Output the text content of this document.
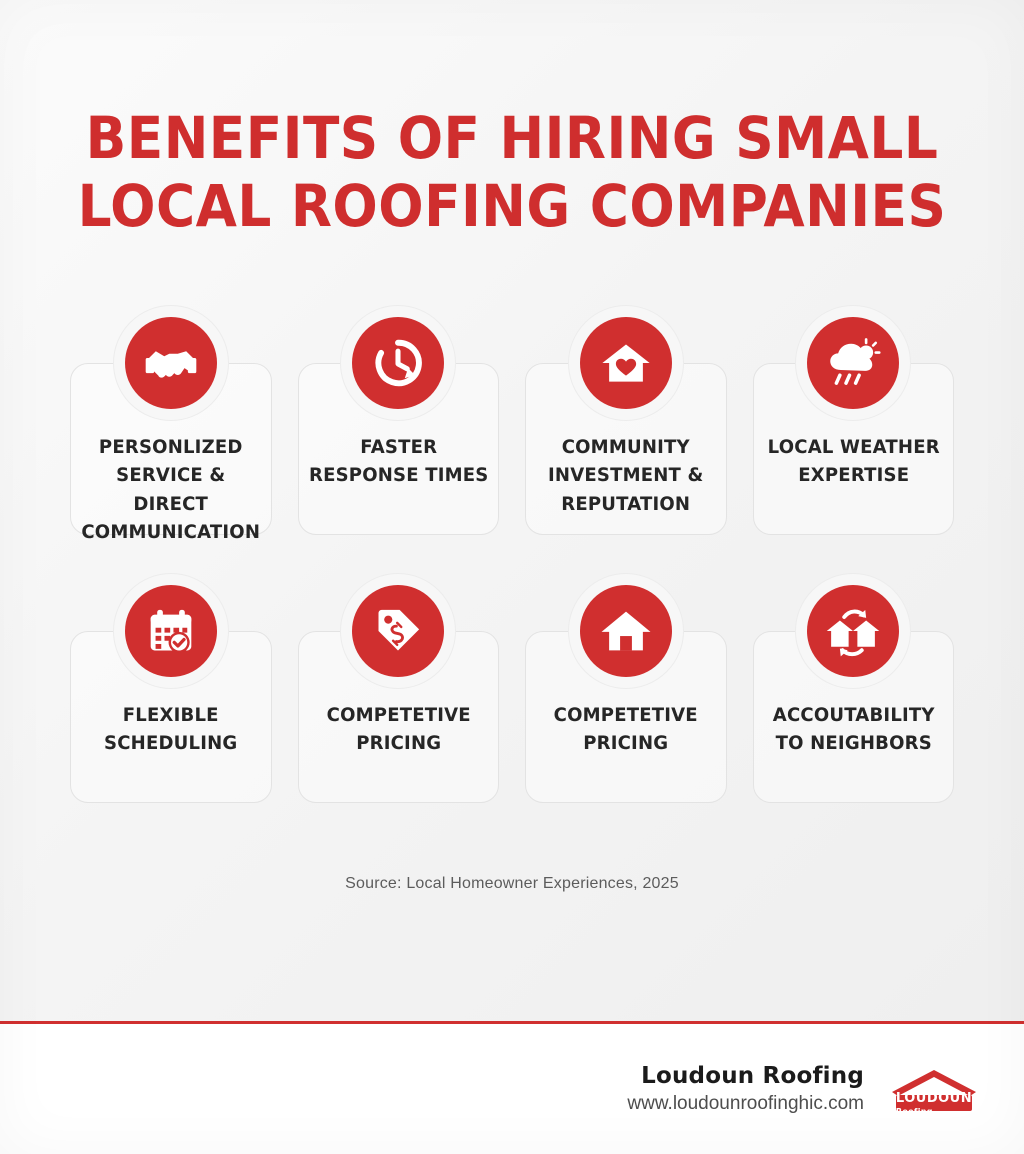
BENEFITS OF HIRING SMALL
LOCAL ROOFING COMPANIES
PERSONLIZED SERVICE & DIRECT COMMUNICATION
FASTER RESPONSE TIMES
COMMUNITY INVESTMENT & REPUTATION
LOCAL WEATHER EXPERTISE
FLEXIBLE SCHEDULING
COMPETETIVE PRICING
COMPETETIVE PRICING
ACCOUTABILITY TO NEIGHBORS
Source: Local Homeowner Experiences, 2025
Loudoun Roofing
www.loudounroofinghic.com LOUDOUN
Roofing
